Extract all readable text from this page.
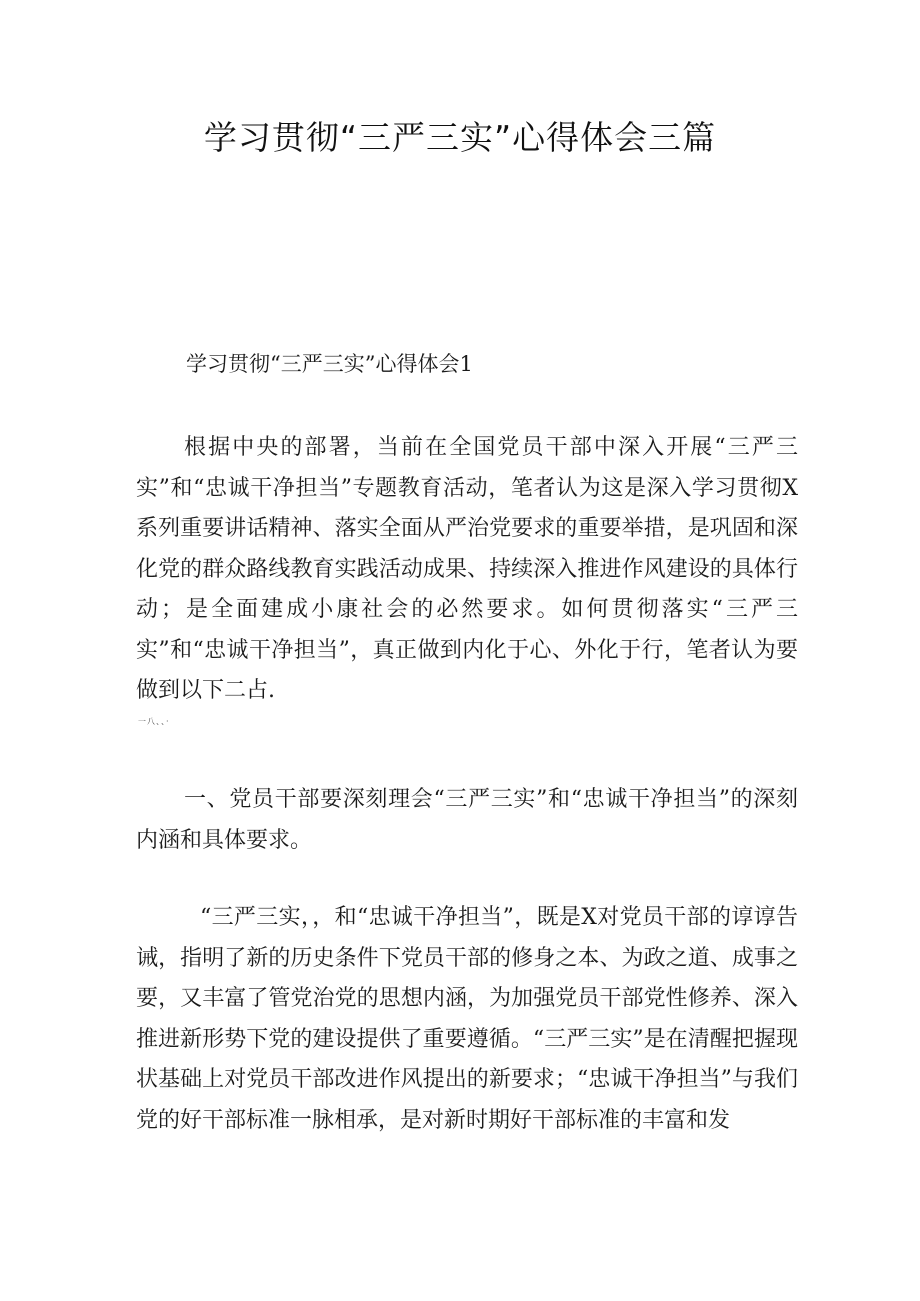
学习贯彻“三严三实”心得体会三篇
学习贯彻“三严三实”心得体会1

根据中央的部署，当前在全国党员干部中深入开展“三严三实”和“忠诚干净担当”专题教育活动，笔者认为这是深入学习贯彻X系列重要讲话精神、落实全面从严治党要求的重要举措，是巩固和深化党的群众路线教育实践活动成果、持续深入推进作风建设的具体行动；是全面建成小康社会的必然要求。如何贯彻落实“三严三实”和“忠诚干净担当”，真正做到内化于心、外化于行，笔者认为要做到以下二占.

一八、、·

一、党员干部要深刻理会“三严三实”和“忠诚干净担当”的深刻内涵和具体要求。

“三严三实，，和“忠诚干净担当”，既是X对党员干部的谆谆告诫，指明了新的历史条件下党员干部的修身之本、为政之道、成事之要，又丰富了管党治党的思想内涵，为加强党员干部党性修养、深入推进新形势下党的建设提供了重要遵循。“三严三实”是在清醒把握现状基础上对党员干部改进作风提出的新要求；“忠诚干净担当”与我们党的好干部标准一脉相承，是对新时期好干部标准的丰富和发
